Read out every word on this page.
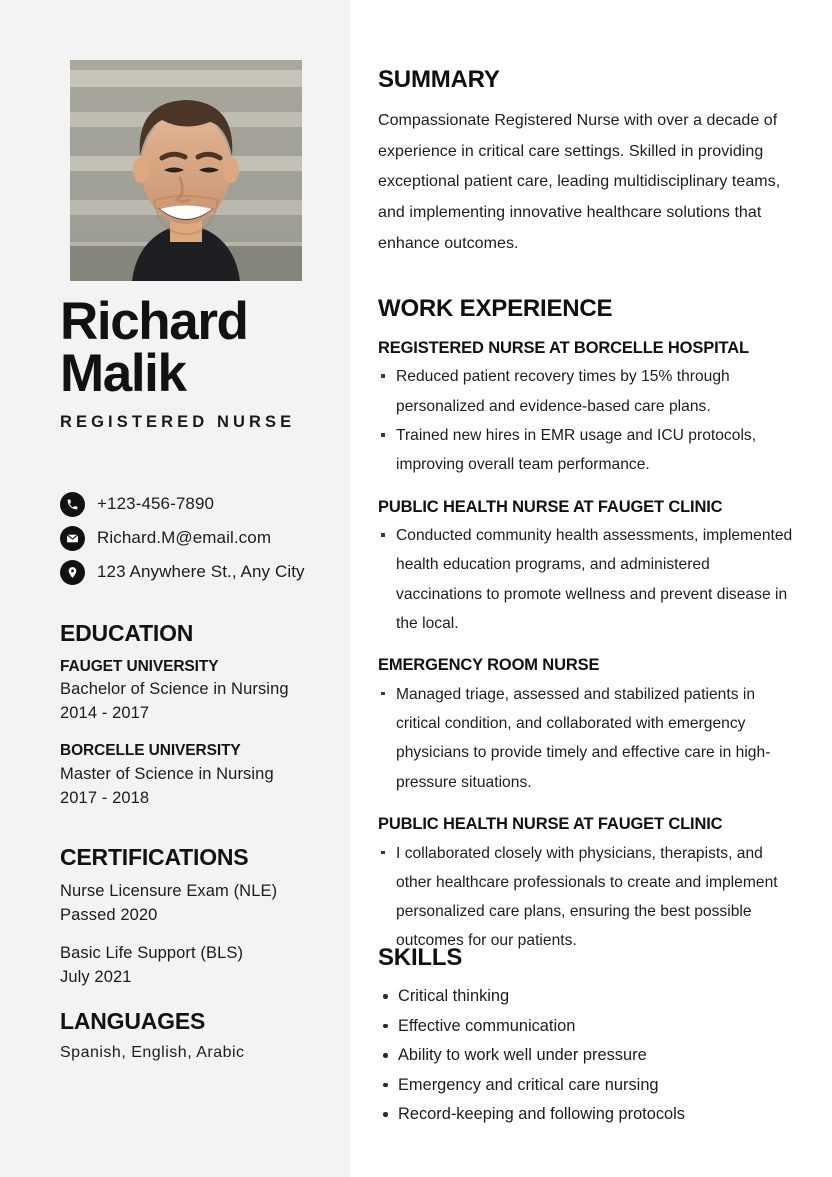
Richard
Malik
REGISTERED NURSE
+123-456-7890
Richard.M@email.com
123 Anywhere St., Any City
EDUCATION
FAUGET UNIVERSITY
Bachelor of Science in Nursing
2014 - 2017
BORCELLE UNIVERSITY
Master of Science in Nursing
2017 - 2018
CERTIFICATIONS
Nurse Licensure Exam (NLE)
Passed 2020
Basic Life Support (BLS)
July 2021
LANGUAGES
Spanish, English, Arabic
SUMMARY
Compassionate Registered Nurse with over a decade of experience in critical care settings. Skilled in providing exceptional patient care, leading multidisciplinary teams, and implementing innovative healthcare solutions that enhance outcomes.
WORK EXPERIENCE
REGISTERED NURSE AT BORCELLE HOSPITAL
Reduced patient recovery times by 15% through personalized and evidence-based care plans.
Trained new hires in EMR usage and ICU protocols, improving overall team performance.
PUBLIC HEALTH NURSE AT FAUGET CLINIC
Conducted community health assessments, implemented health education programs, and administered vaccinations to promote wellness and prevent disease in the local.
EMERGENCY ROOM NURSE
Managed triage, assessed and stabilized patients in critical condition, and collaborated with emergency physicians to provide timely and effective care in high-pressure situations.
PUBLIC HEALTH NURSE AT FAUGET CLINIC
I collaborated closely with physicians, therapists, and other healthcare professionals to create and implement personalized care plans, ensuring the best possible outcomes for our patients.
SKILLS
Critical thinking
Effective communication
Ability to work well under pressure
Emergency and critical care nursing
Record-keeping and following protocols
